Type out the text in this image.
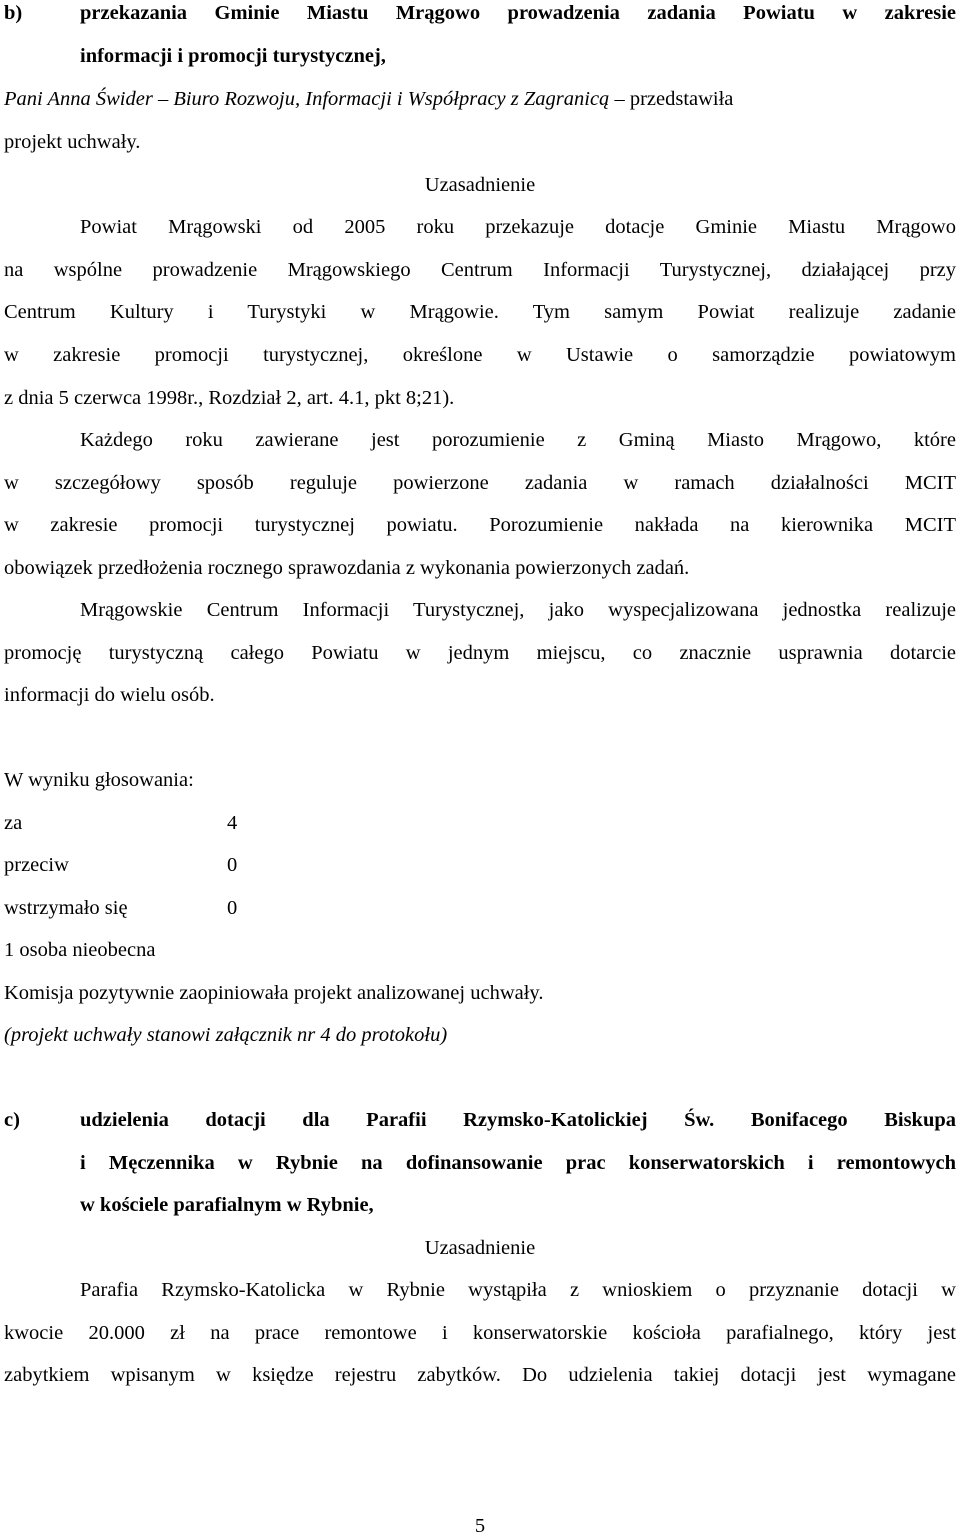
b)	przekazania Gminie Miastu Mrągowo prowadzenia zadania Powiatu w zakresie
informacji i promocji turystycznej,
Pani Anna Świder – Biuro Rozwoju, Informacji i Współpracy z Zagranicą – przedstawiła
projekt uchwały.
Uzasadnienie
Powiat Mrągowski od 2005 roku przekazuje dotacje Gminie Miastu Mrągowo
na wspólne prowadzenie Mrągowskiego Centrum Informacji Turystycznej, działającej przy
Centrum Kultury i Turystyki w Mrągowie. Tym samym Powiat realizuje zadanie
w zakresie promocji turystycznej, określone w Ustawie o samorządzie powiatowym
z dnia 5 czerwca 1998r., Rozdział 2, art. 4.1, pkt 8;21).
Każdego roku zawierane jest porozumienie z Gminą Miasto Mrągowo, które
w szczegółowy sposób reguluje powierzone zadania w ramach działalności MCIT
w zakresie promocji turystycznej powiatu. Porozumienie nakłada na kierownika MCIT
obowiązek przedłożenia rocznego sprawozdania z wykonania powierzonych zadań.
Mrągowskie Centrum Informacji Turystycznej, jako wyspecjalizowana jednostka realizuje
promocję turystyczną całego Powiatu w jednym miejscu, co znacznie usprawnia dotarcie
informacji do wielu osób.
W wyniku głosowania:
za	4
przeciw	0
wstrzymało się	0
1 osoba nieobecna
Komisja pozytywnie zaopiniowała projekt analizowanej uchwały.
(projekt uchwały stanowi załącznik nr 4 do protokołu)
c)	udzielenia dotacji dla Parafii Rzymsko-Katolickiej Św. Bonifacego Biskupa
i Męczennika w Rybnie na dofinansowanie prac konserwatorskich i remontowych
w kościele parafialnym w Rybnie,
Uzasadnienie
Parafia Rzymsko-Katolicka w Rybnie wystąpiła z wnioskiem o przyznanie dotacji w
kwocie 20.000 zł na prace remontowe i konserwatorskie kościoła parafialnego, który jest
zabytkiem wpisanym w księdze rejestru zabytków. Do udzielenia takiej dotacji jest wymagane
5
